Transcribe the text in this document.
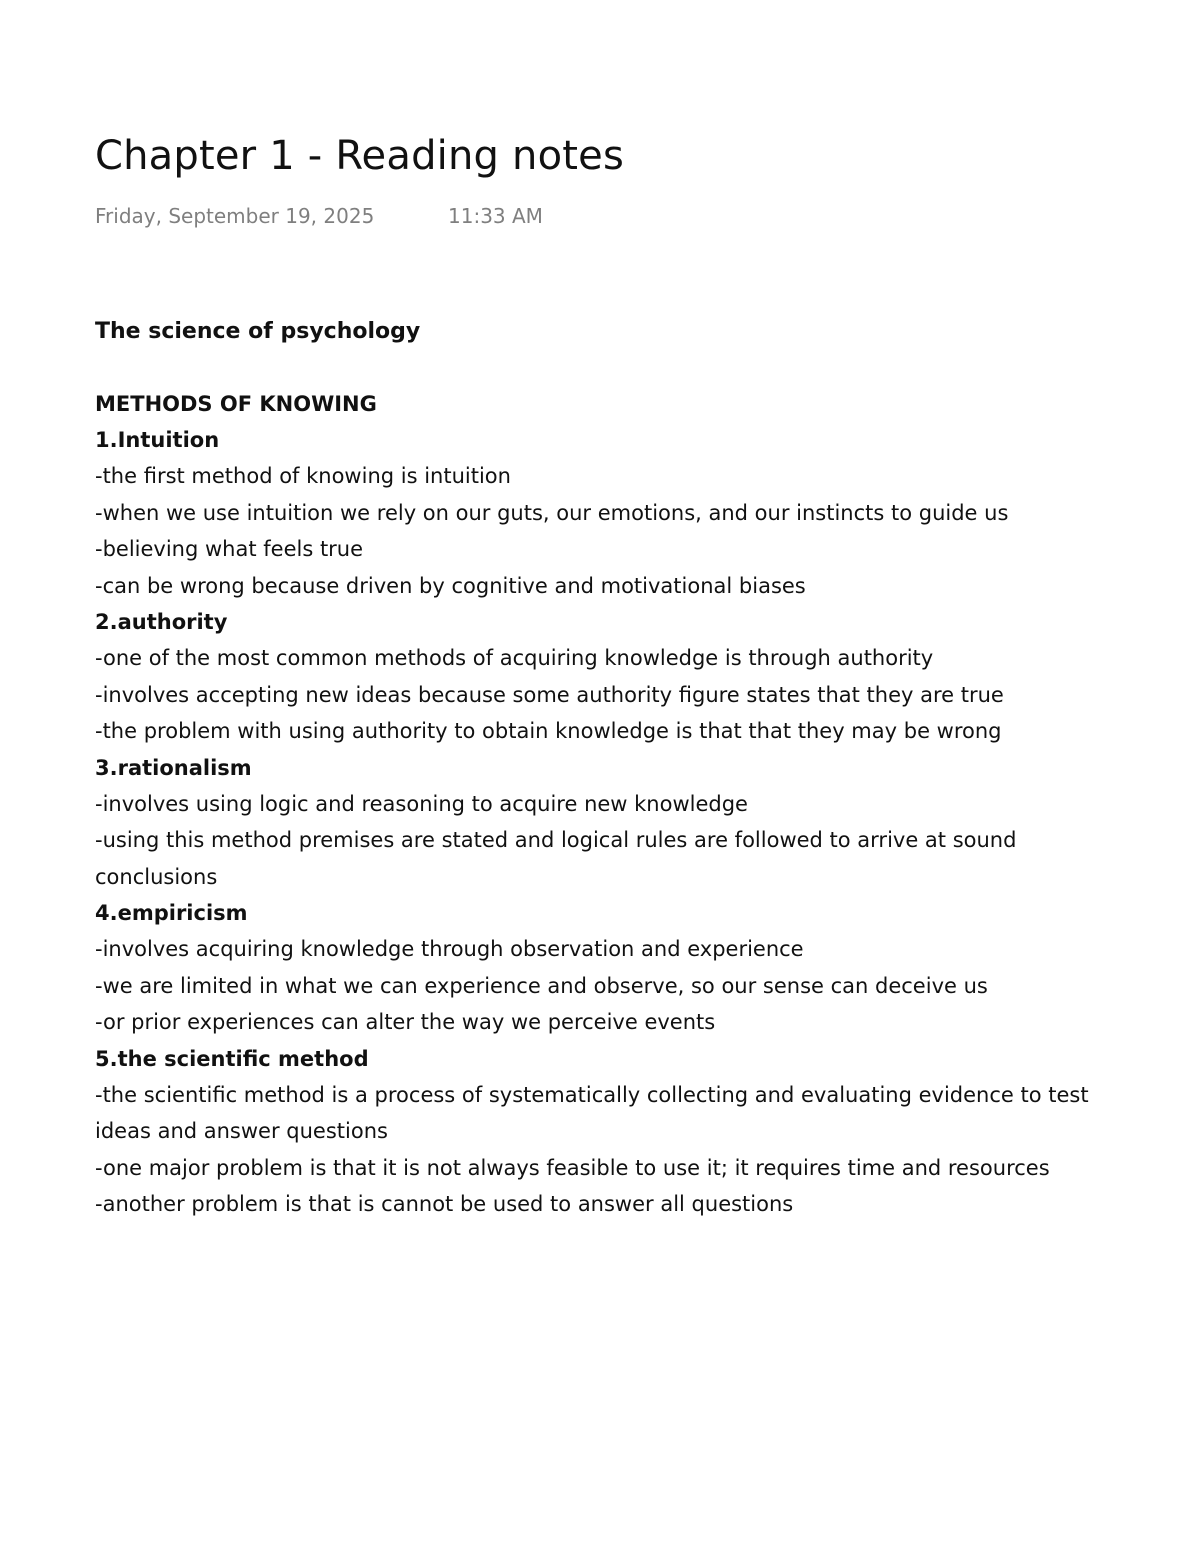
Chapter 1 - Reading notes
Friday, September 19, 2025	11:33 AM
The science of psychology
METHODS OF KNOWING
1.Intuition
-the first method of knowing is intuition
-when we use intuition we rely on our guts, our emotions, and our instincts to guide us
-believing what feels true
-can be wrong because driven by cognitive and motivational biases
2.authority
-one of the most common methods of acquiring knowledge is through authority
-involves accepting new ideas because some authority figure states that they are true
-the problem with using authority to obtain knowledge is that that they may be wrong
3.rationalism
-involves using logic and reasoning to acquire new knowledge
-using this method premises are stated and logical rules are followed to arrive at sound conclusions
4.empiricism
-involves acquiring knowledge through observation and experience
-we are limited in what we can experience and observe, so our sense can deceive us
-or prior experiences can alter the way we perceive events
5.the scientific method
-the scientific method is a process of systematically collecting and evaluating evidence to test ideas and answer questions
-one major problem is that it is not always feasible to use it; it requires time and resources
-another problem is that is cannot be used to answer all questions
